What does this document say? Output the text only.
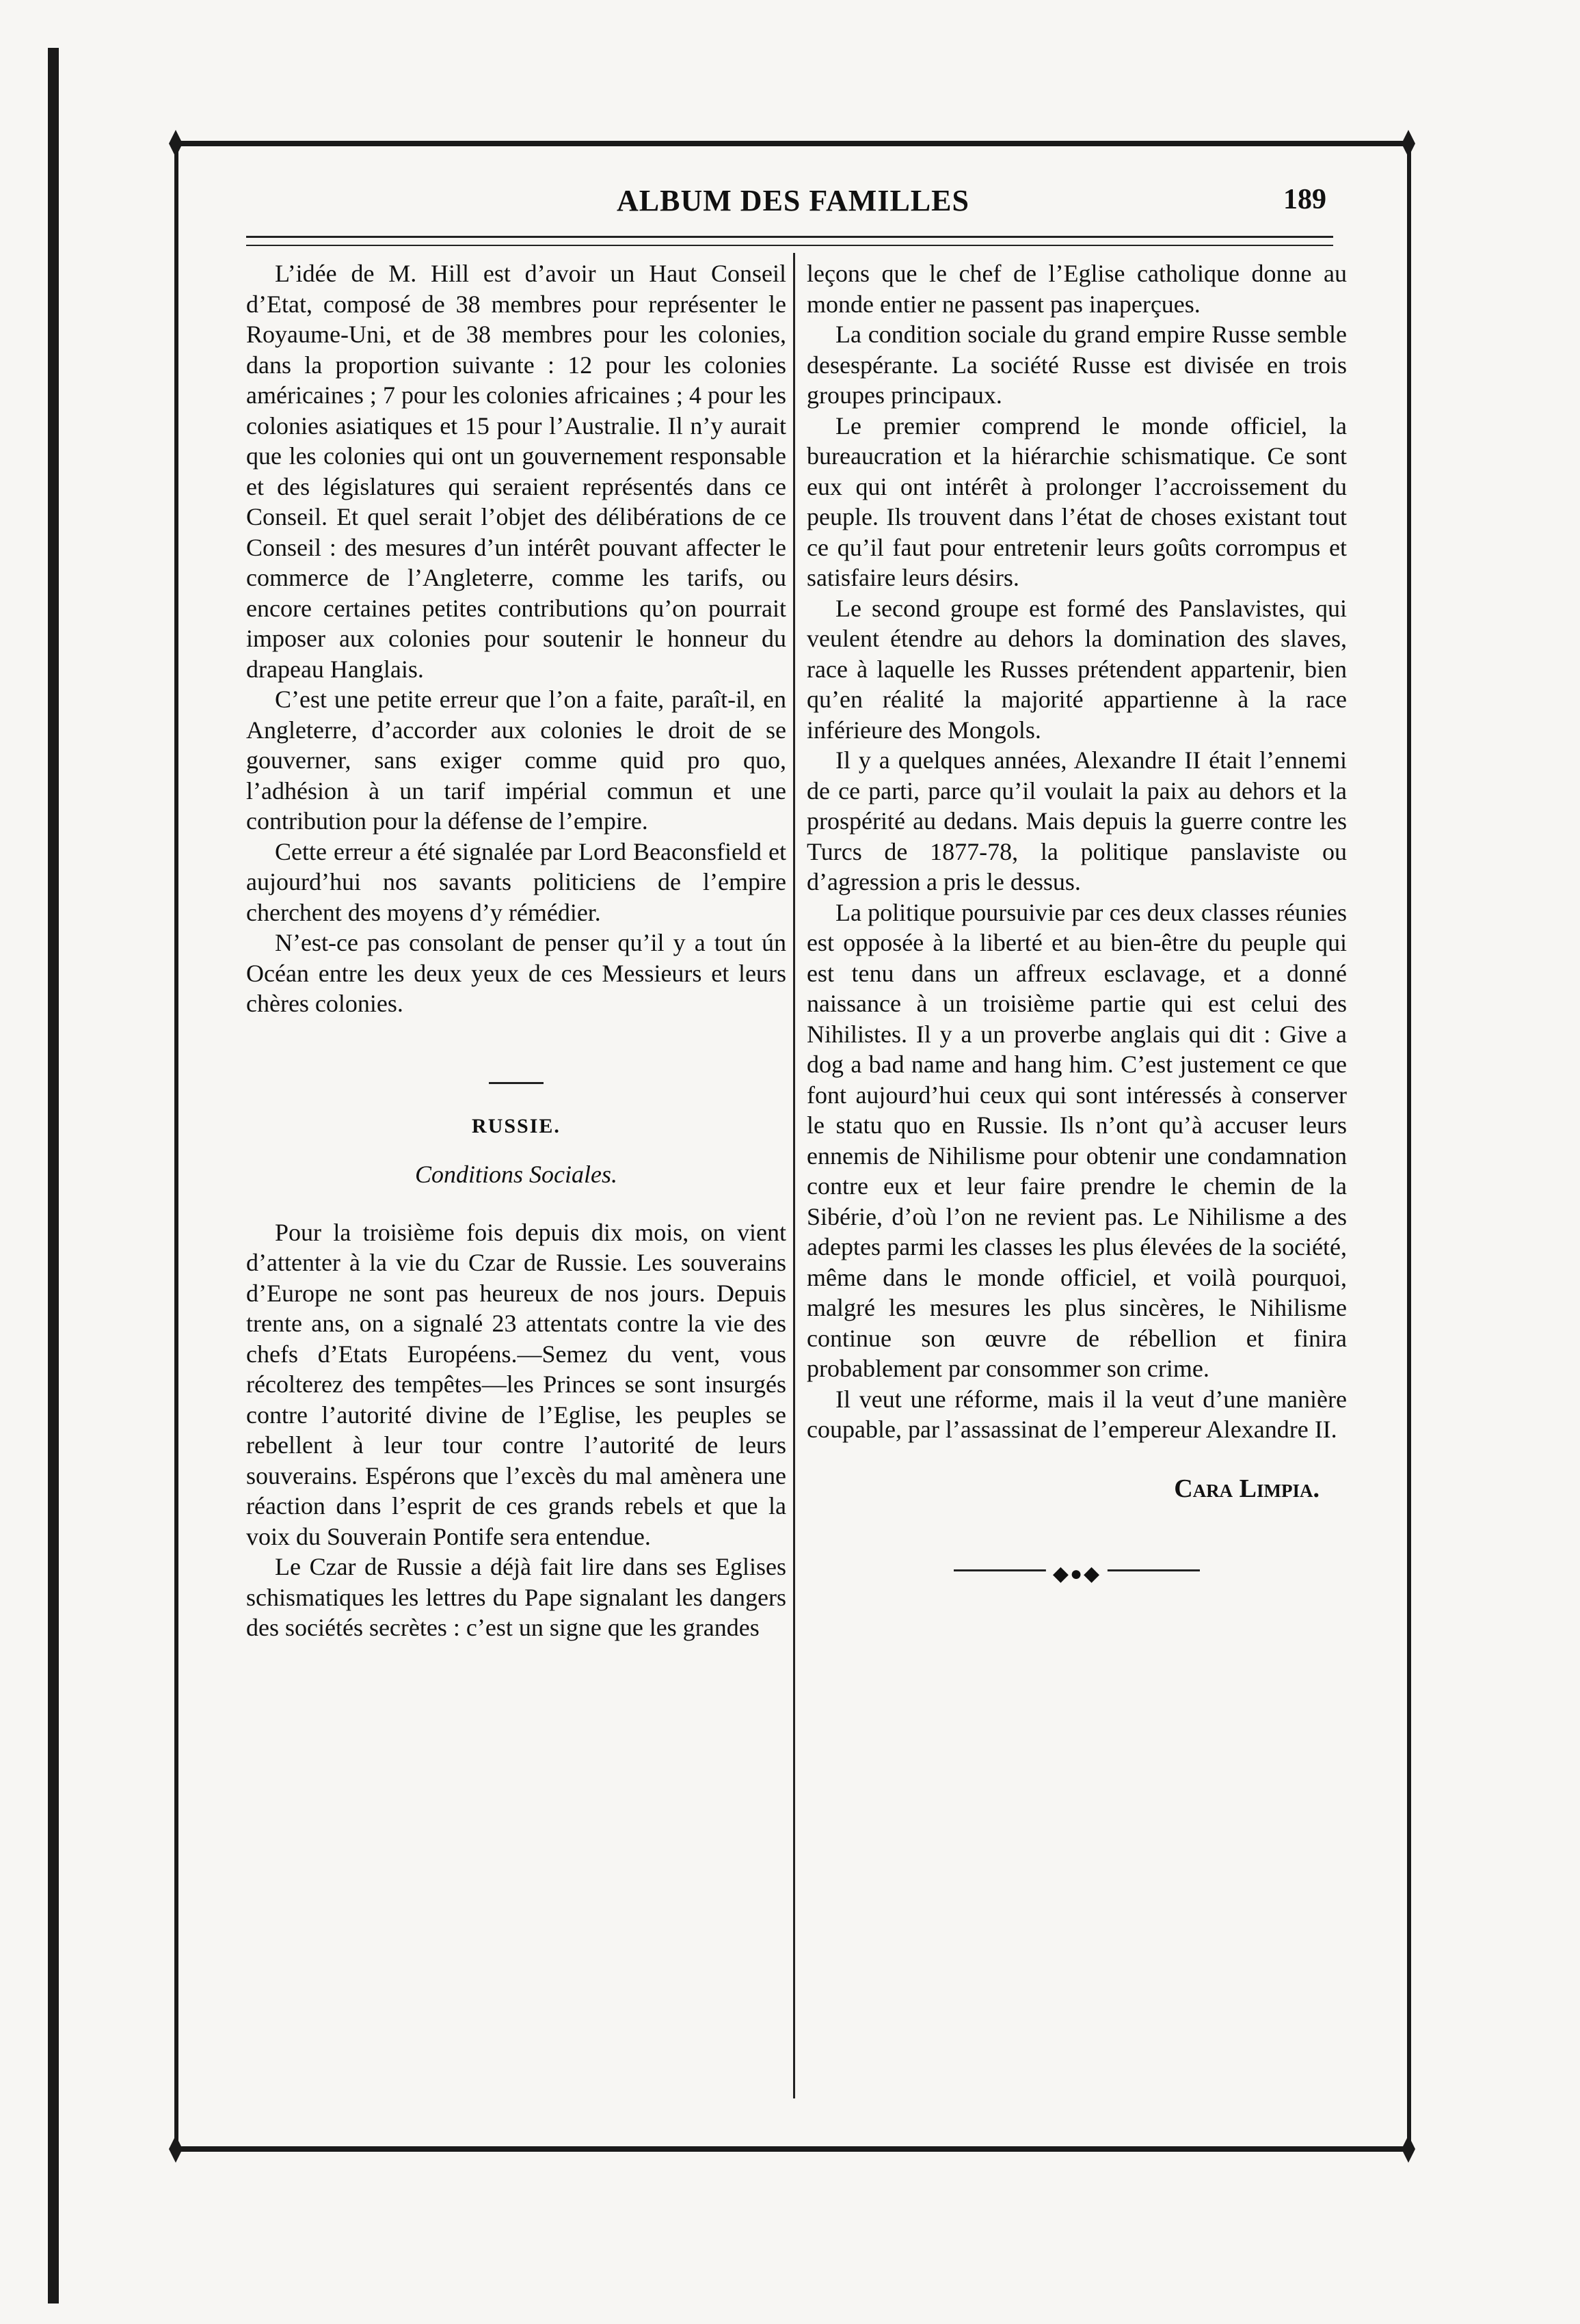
ALBUM DES FAMILLES	189

L’idée de M. Hill est d’avoir un Haut Conseil d’Etat, composé de 38 membres pour représenter le Royaume-Uni, et de 38 membres pour les colonies, dans la proportion suivante : 12 pour les colonies américaines ; 7 pour les colonies africaines ; 4 pour les colonies asiatiques et 15 pour l’Australie. Il n’y aurait que les colonies qui ont un gouvernement responsable et des législatures qui seraient représentés dans ce Conseil. Et quel serait l’objet des délibérations de ce Conseil : des mesures d’un intérêt pouvant affecter le commerce de l’Angleterre, comme les tarifs, ou encore certaines petites contributions qu’on pourrait imposer aux colonies pour soutenir le honneur du drapeau Hanglais.

C’est une petite erreur que l’on a faite, paraît-il, en Angleterre, d’accorder aux colonies le droit de se gouverner, sans exiger comme quid pro quo, l’adhésion à un tarif impérial commun et une contribution pour la défense de l’empire.

Cette erreur a été signalée par Lord Beaconsfield et aujourd’hui nos savants politiciens de l’empire cherchent des moyens d’y rémédier.

N’est-ce pas consolant de penser qu’il y a tout ún Océan entre les deux yeux de ces Messieurs et leurs chères colonies.

RUSSIE.
Conditions Sociales.

Pour la troisième fois depuis dix mois, on vient d’attenter à la vie du Czar de Russie. Les souverains d’Europe ne sont pas heureux de nos jours. Depuis trente ans, on a signalé 23 attentats contre la vie des chefs d’Etats Européens.—Semez du vent, vous récolterez des tempêtes—les Princes se sont insurgés contre l’autorité divine de l’Eglise, les peuples se rebellent à leur tour contre l’autorité de leurs souverains. Espérons que l’excès du mal amènera une réaction dans l’esprit de ces grands rebels et que la voix du Souverain Pontife sera entendue.

Le Czar de Russie a déjà fait lire dans ses Eglises schismatiques les lettres du Pape signalant les dangers des sociétés secrètes : c’est un signe que les grandes

leçons que le chef de l’Eglise catholique donne au monde entier ne passent pas inaperçues.

La condition sociale du grand empire Russe semble desespérante. La société Russe est divisée en trois groupes principaux.

Le premier comprend le monde officiel, la bureaucration et la hiérarchie schismatique. Ce sont eux qui ont intérêt à prolonger l’accroissement du peuple. Ils trouvent dans l’état de choses existant tout ce qu’il faut pour entretenir leurs goûts corrompus et satisfaire leurs désirs.

Le second groupe est formé des Panslavistes, qui veulent étendre au dehors la domination des slaves, race à laquelle les Russes prétendent appartenir, bien qu’en réalité la majorité appartienne à la race inférieure des Mongols.

Il y a quelques années, Alexandre II était l’ennemi de ce parti, parce qu’il voulait la paix au dehors et la prospérité au dedans. Mais depuis la guerre contre les Turcs de 1877-78, la politique panslaviste ou d’agression a pris le dessus.

La politique poursuivie par ces deux classes réunies est opposée à la liberté et au bien-être du peuple qui est tenu dans un affreux esclavage, et a donné naissance à un troisième partie qui est celui des Nihilistes. Il y a un proverbe anglais qui dit : Give a dog a bad name and hang him. C’est justement ce que font aujourd’hui ceux qui sont intéressés à conserver le statu quo en Russie. Ils n’ont qu’à accuser leurs ennemis de Nihilisme pour obtenir une condamnation contre eux et leur faire prendre le chemin de la Sibérie, d’où l’on ne revient pas. Le Nihilisme a des adeptes parmi les classes les plus élevées de la société, même dans le monde officiel, et voilà pourquoi, malgré les mesures les plus sincères, le Nihilisme continue son œuvre de rébellion et finira probablement par consommer son crime.

Il veut une réforme, mais il la veut d’une manière coupable, par l’assassinat de l’empereur Alexandre II.

Cara Limpia.
◆●◆
